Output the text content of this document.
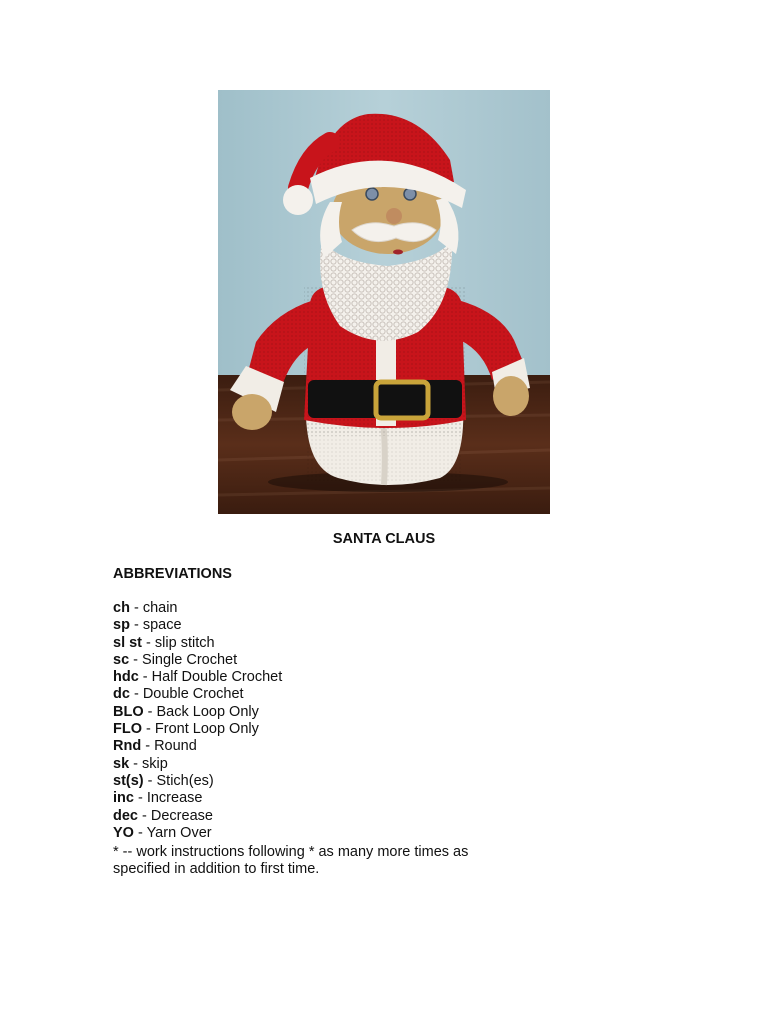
SANTA CLAUS
ABBREVIATIONS
ch - chain
sp - space
sl st - slip stitch
sc - Single Crochet
hdc - Half Double Crochet
dc - Double Crochet
BLO - Back Loop Only
FLO - Front Loop Only
Rnd - Round
sk - skip
st(s) - Stich(es)
inc - Increase
dec - Decrease
YO - Yarn Over
* -- work instructions following * as many more times as specified in addition to first time.
